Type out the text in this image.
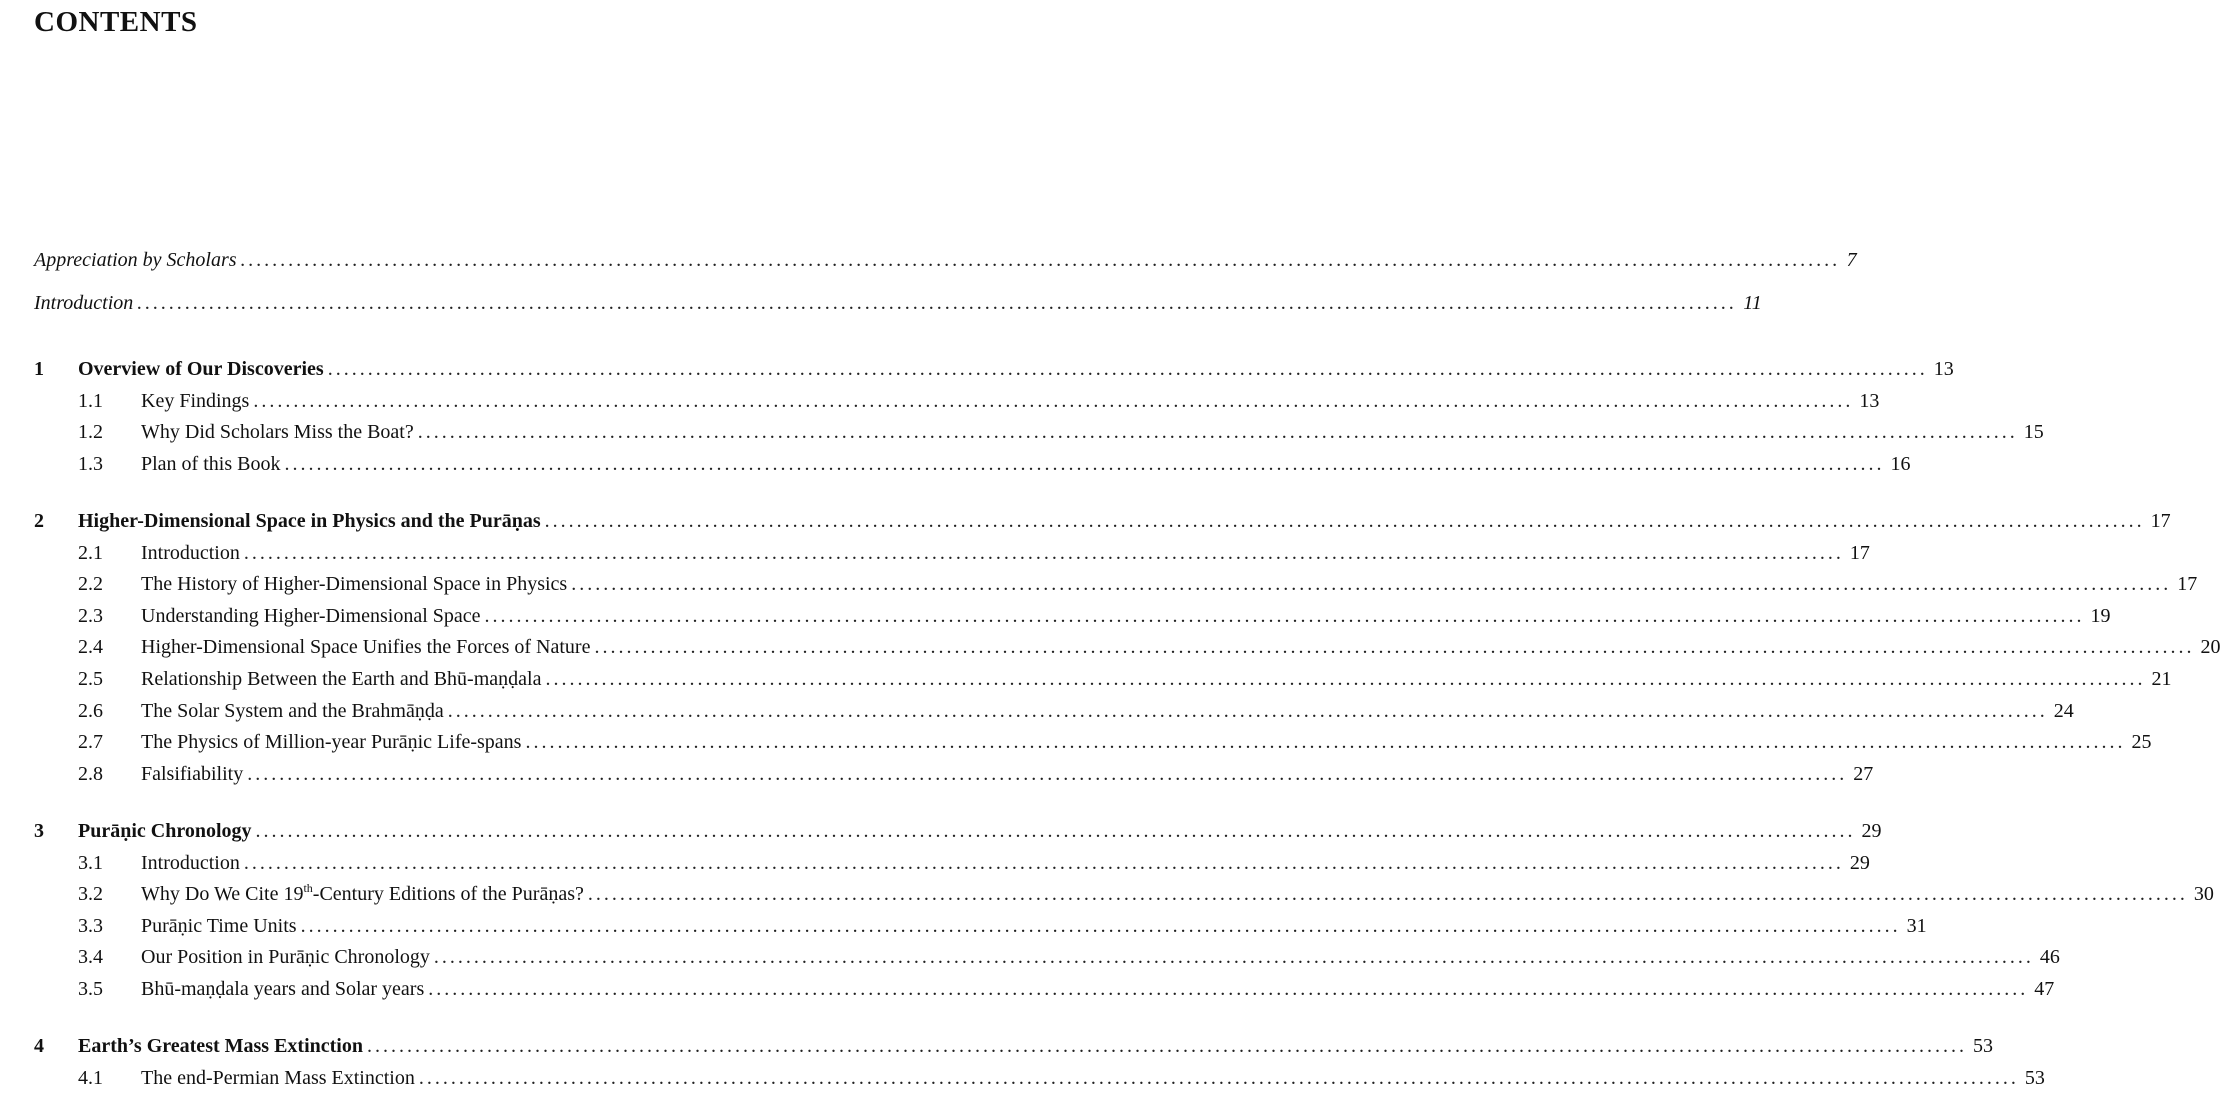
CONTENTS
Appreciation by Scholars ........................................................................................................................................................................................................ 7
Introduction ........................................................................................................................................................................................................ 11
1 Overview of Our Discoveries ........................................................................................................................................................................................................ 13
1.1 Key Findings ........................................................................................................................................................................................................ 13
1.2 Why Did Scholars Miss the Boat? ........................................................................................................................................................................................................ 15
1.3 Plan of this Book ........................................................................................................................................................................................................ 16
2 Higher-Dimensional Space in Physics and the Purāṇas ........................................................................................................................................................................................................ 17
2.1 Introduction ........................................................................................................................................................................................................ 17
2.2 The History of Higher-Dimensional Space in Physics ........................................................................................................................................................................................................ 17
2.3 Understanding Higher-Dimensional Space ........................................................................................................................................................................................................ 19
2.4 Higher-Dimensional Space Unifies the Forces of Nature ........................................................................................................................................................................................................ 20
2.5 Relationship Between the Earth and Bhū-maṇḍala ........................................................................................................................................................................................................ 21
2.6 The Solar System and the Brahmāṇḍa ........................................................................................................................................................................................................ 24
2.7 The Physics of Million-year Purāṇic Life-spans ........................................................................................................................................................................................................ 25
2.8 Falsifiability ........................................................................................................................................................................................................ 27
3 Purāṇic Chronology ........................................................................................................................................................................................................ 29
3.1 Introduction ........................................................................................................................................................................................................ 29
3.2 Why Do We Cite 19th-Century Editions of the Purāṇas? ........................................................................................................................................................................................................ 30
3.3 Purāṇic Time Units ........................................................................................................................................................................................................ 31
3.4 Our Position in Purāṇic Chronology ........................................................................................................................................................................................................ 46
3.5 Bhū-maṇḍala years and Solar years ........................................................................................................................................................................................................ 47
4 Earth’s Greatest Mass Extinction ........................................................................................................................................................................................................ 53
4.1 The end-Permian Mass Extinction ........................................................................................................................................................................................................ 53
